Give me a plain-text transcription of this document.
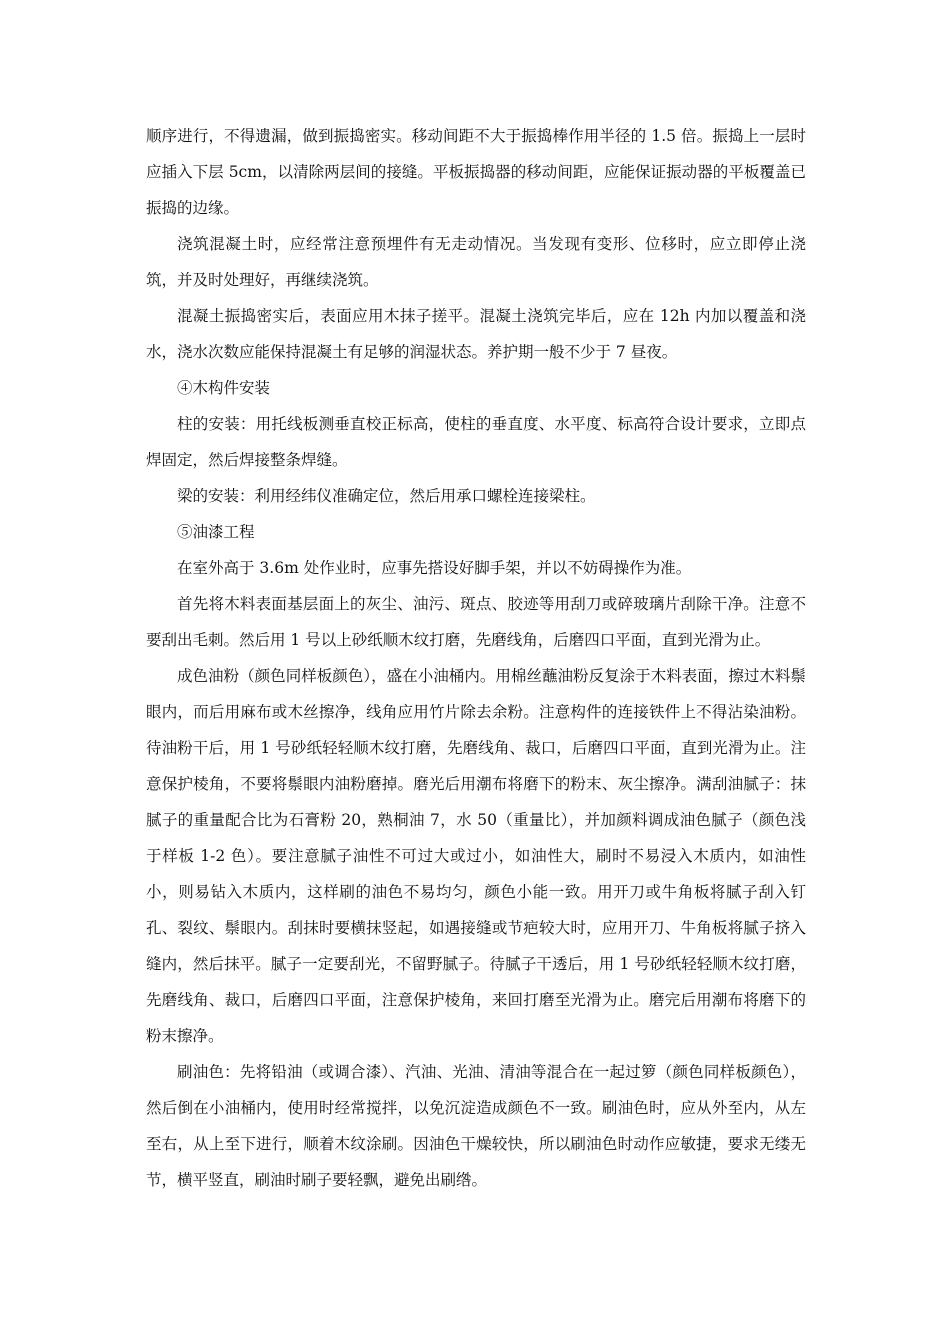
顺序进行，不得遗漏，做到振捣密实。移动间距不大于振捣棒作用半径的 1.5 倍。振捣上一层时应插入下层 5cm，以清除两层间的接缝。平板振捣器的移动间距，应能保证振动器的平板覆盖已振捣的边缘。

浇筑混凝土时，应经常注意预埋件有无走动情况。当发现有变形、位移时，应立即停止浇筑，并及时处理好，再继续浇筑。

混凝土振捣密实后，表面应用木抹子搓平。混凝土浇筑完毕后，应在 12h 内加以覆盖和浇水，浇水次数应能保持混凝土有足够的润湿状态。养护期一般不少于 7 昼夜。

④木构件安装

柱的安装：用托线板测垂直校正标高，使柱的垂直度、水平度、标高符合设计要求，立即点焊固定，然后焊接整条焊缝。

梁的安装：利用经纬仪准确定位，然后用承口螺栓连接梁柱。

⑤油漆工程

在室外高于 3.6m 处作业时，应事先搭设好脚手架，并以不妨碍操作为准。

首先将木料表面基层面上的灰尘、油污、斑点、胶迹等用刮刀或碎玻璃片刮除干净。注意不要刮出毛刺。然后用 1 号以上砂纸顺木纹打磨，先磨线角，后磨四口平面，直到光滑为止。

成色油粉（颜色同样板颜色），盛在小油桶内。用棉丝蘸油粉反复涂于木料表面，擦过木料鬃眼内，而后用麻布或木丝擦净，线角应用竹片除去余粉。注意构件的连接铁件上不得沾染油粉。待油粉干后，用 1 号砂纸轻轻顺木纹打磨，先磨线角、裁口，后磨四口平面，直到光滑为止。注意保护棱角，不要将鬃眼内油粉磨掉。磨光后用潮布将磨下的粉末、灰尘擦净。满刮油腻子：抹腻子的重量配合比为石膏粉 20，熟桐油 7，水 50（重量比），并加颜料调成油色腻子（颜色浅于样板 1-2 色）。要注意腻子油性不可过大或过小，如油性大，刷时不易浸入木质内，如油性小，则易钻入木质内，这样刷的油色不易均匀，颜色小能一致。用开刀或牛角板将腻子刮入钉孔、裂纹、鬃眼内。刮抹时要横抹竖起，如遇接缝或节疤较大时，应用开刀、牛角板将腻子挤入缝内，然后抹平。腻子一定要刮光，不留野腻子。待腻子干透后，用 1 号砂纸轻轻顺木纹打磨，先磨线角、裁口，后磨四口平面，注意保护棱角，来回打磨至光滑为止。磨完后用潮布将磨下的粉末擦净。

刷油色：先将铅油（或调合漆）、汽油、光油、清油等混合在一起过箩（颜色同样板颜色），然后倒在小油桶内，使用时经常搅拌，以免沉淀造成颜色不一致。刷油色时，应从外至内，从左至右，从上至下进行，顺着木纹涂刷。因油色干燥较快，所以刷油色时动作应敏捷，要求无缕无节，横平竖直，刷油时刷子要轻飘，避免出刷绺。
